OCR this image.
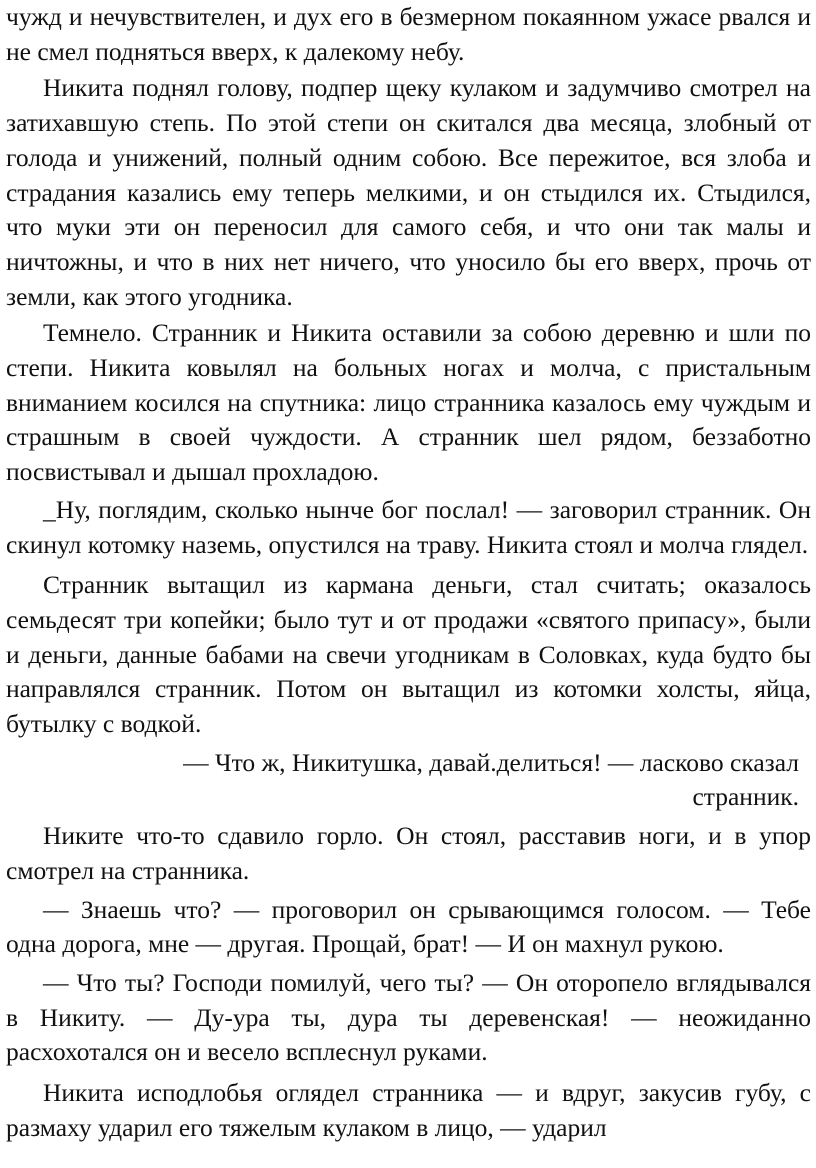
чужд и нечувствителен, и дух его в безмерном покаянном ужасе рвался и не смел подняться вверх, к далекому небу.

Никита поднял голову, подпер щеку кулаком и задумчиво смотрел на затихавшую степь. По этой степи он скитался два месяца, злобный от голода и унижений, полный одним собою. Все пережитое, вся злоба и страдания казались ему теперь мелкими, и он стыдился их. Стыдился, что муки эти он переносил для самого себя, и что они так малы и ничтожны, и что в них нет ничего, что уносило бы его вверх, прочь от земли, как этого угодника.

Темнело. Странник и Никита оставили за собою деревню и шли по степи. Никита ковылял на больных ногах и молча, с пристальным вниманием косился на спутника: лицо странника казалось ему чуждым и страшным в своей чуждости. А странник шел рядом, беззаботно посвистывал и дышал прохладою.

_Ну, поглядим, сколько нынче бог послал! — заговорил странник. Он скинул котомку наземь, опустился на траву. Никита стоял и молча глядел.

Странник вытащил из кармана деньги, стал считать; оказалось семьдесят три копейки; было тут и от продажи «святого припасу», были и деньги, данные бабами на свечи угодникам в Соловках, куда будто бы направлялся странник. Потом он вытащил из котомки холсты, яйца, бутылку с водкой.

— Что ж, Никитушка, давай.делиться! — ласково сказал
странник.

Никите что-то сдавило горло. Он стоял, расставив ноги, и в упор смотрел на странника.

— Знаешь что? — проговорил он срывающимся голосом. — Тебе одна дорога, мне — другая. Прощай, брат! — И он махнул рукою.

— Что ты? Господи помилуй, чего ты? — Он оторопело вглядывался в Никиту. — Ду-ура ты, дура ты деревенская! — неожиданно расхохотался он и весело всплеснул руками.

Никита исподлобья оглядел странника — и вдруг, закусив губу, с размаху ударил его тяжелым кулаком в лицо, — ударил
